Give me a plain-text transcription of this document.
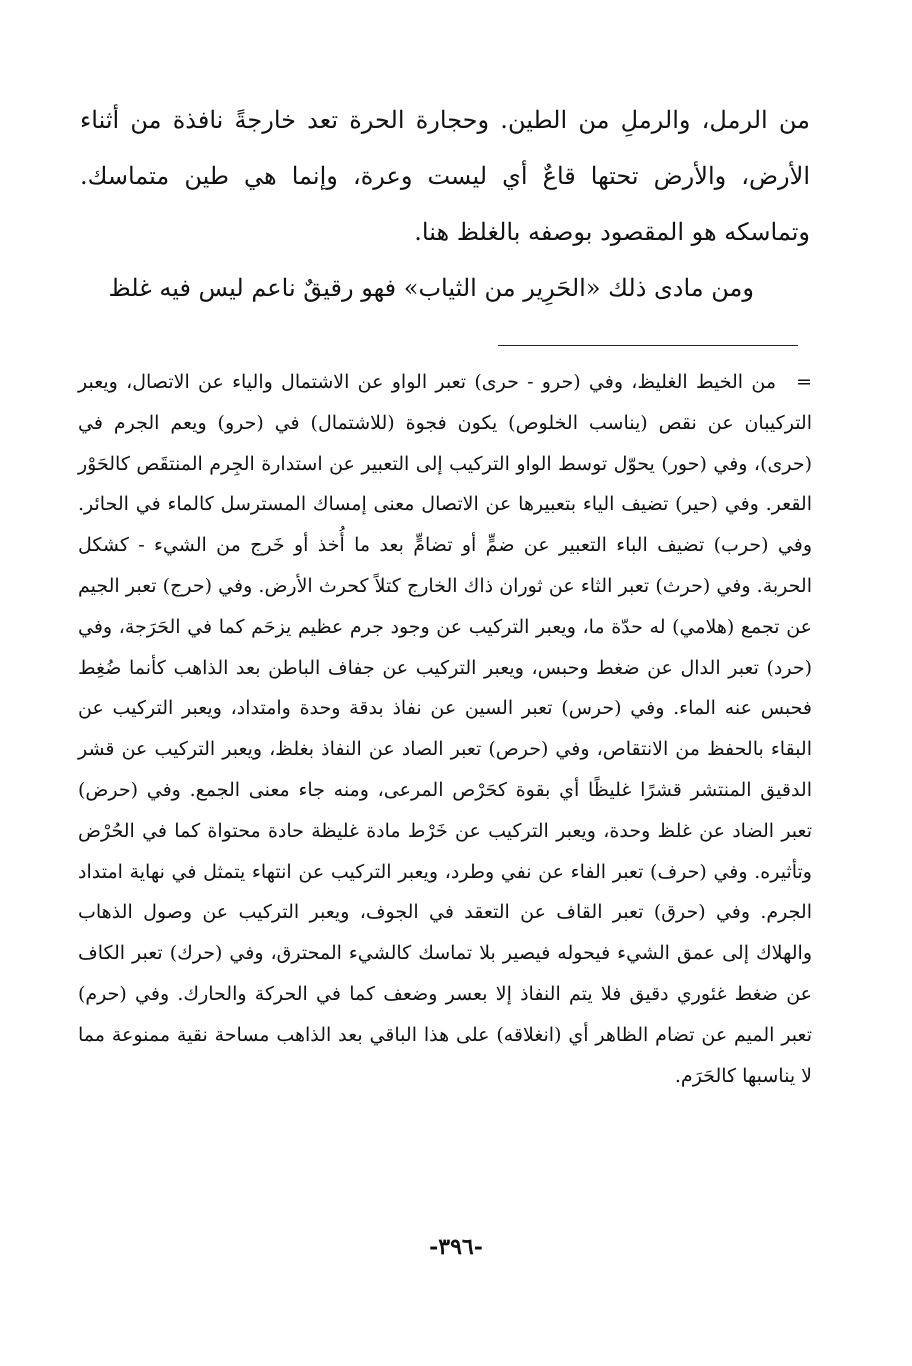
من الرمل، والرملِ من الطين. وحجارة الحرة تعد خارجةً نافذة من أثناء الأرض، والأرض تحتها قاعٌ أي ليست وعرة، وإنما هي طين متماسك. وتماسكه هو المقصود بوصفه بالغلظ هنا.

ومن مادى ذلك «الحَرِير من الثياب» فهو رقيقٌ ناعم ليس فيه غلظ

=من الخيط الغليظ، وفي (حرو - حرى) تعبر الواو عن الاشتمال والياء عن الاتصال، ويعبر التركيبان عن نقص (يناسب الخلوص) يكون فجوة (للاشتمال) في (حرو) ويعم الجرم في (حرى)، وفي (حور) يحوّل توسط الواو التركيب إلى التعبير عن استدارة الجِرم المنتقَص كالحَوْر القعر. وفي (حير) تضيف الياء بتعبيرها عن الاتصال معنى إمساك المسترسل كالماء في الحائر. وفي (حرب) تضيف الباء التعبير عن ضمٍّ أو تضامٍّ بعد ما أُخذ أو خَرج من الشيء - كشكل الحربة. وفي (حرث) تعبر الثاء عن ثوران ذاك الخارج كتلاً كحرث الأرض. وفي (حرج) تعبر الجيم عن تجمع (هلامي) له حدّة ما، ويعبر التركيب عن وجود جرم عظيم يزحَم كما في الحَرَجة، وفي (حرد) تعبر الدال عن ضغط وحبس، ويعبر التركيب عن جفاف الباطن بعد الذاهب كأنما ضُغِط فحبس عنه الماء. وفي (حرس) تعبر السين عن نفاذ بدقة وحدة وامتداد، ويعبر التركيب عن البقاء بالحفظ من الانتقاص، وفي (حرص) تعبر الصاد عن النفاذ بغلظ، ويعبر التركيب عن قشر الدقيق المنتشر قشرًا غليظًا أي بقوة كحَرْص المرعى، ومنه جاء معنى الجمع. وفي (حرض) تعبر الضاد عن غلظ وحدة، ويعبر التركيب عن خَرْط مادة غليظة حادة محتواة كما في الحُرْض وتأثيره. وفي (حرف) تعبر الفاء عن نفي وطرد، ويعبر التركيب عن انتهاء يتمثل في نهاية امتداد الجرم. وفي (حرق) تعبر القاف عن التعقد في الجوف، ويعبر التركيب عن وصول الذهاب والهلاك إلى عمق الشيء فيحوله فيصير بلا تماسك كالشيء المحترق، وفي (حرك) تعبر الكاف عن ضغط غئوري دقيق فلا يتم النفاذ إلا بعسر وضعف كما في الحركة والحارك. وفي (حرم) تعبر الميم عن تضام الظاهر أي (انغلاقه) على هذا الباقي بعد الذاهب مساحة نقية ممنوعة مما لا يناسبها كالحَرَم.

-٣٩٦-
